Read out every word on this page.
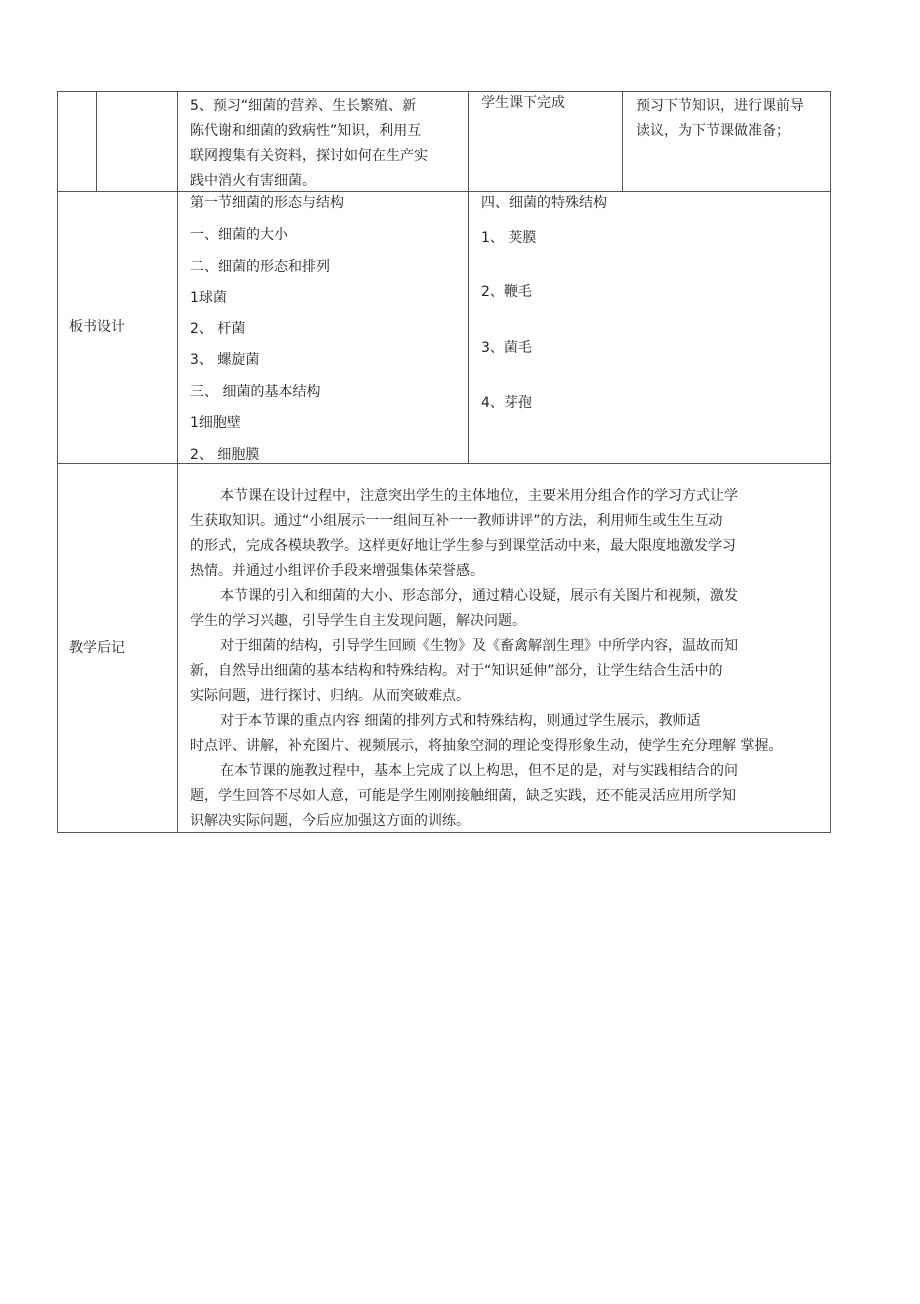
5、预习“细菌的营养、生长繁殖、新
陈代谢和细菌的致病性”知识，利用互
联网搜集有关资料，探讨如何在生产实
践中消火有害细菌。
学生课下完成	预习下节知识，进行课前导
读议，为下节课做准备；
板书设计
第一节细菌的形态与结构
一、细菌的大小
二、细菌的形态和排列
1球菌
2、 杆菌
3、 螺旋菌
三、 细菌的基本结构
1细胞壁
2、 细胞膜
四、细菌的特殊结构
1、 荚膜
2、鞭毛
3、菌毛
4、芽孢
教学后记
本节课在设计过程中，注意突出学生的主体地位，主要米用分组合作的学习方式让学
生获取知识。通过“小组展示一一组间互补一一教师讲评”的方法，利用师生或生生互动
的形式，完成各模块教学。这样更好地让学生参与到课堂活动中来，最大限度地激发学习
热情。并通过小组评价手段来增强集体荣誉感。
本节课的引入和细菌的大小、形态部分，通过精心设疑，展示有关图片和视频，激发
学生的学习兴趣，引导学生自主发现问题，解决问题。
对于细菌的结构，引导学生回顾《生物》及《畜禽解剖生理》中所学内容，温故而知
新，自然导出细菌的基本结构和特殊结构。对于“知识延伸”部分，让学生结合生活中的
实际问题，进行探讨、归纳。从而突破难点。
对于本节课的重点内容 细菌的排列方式和特殊结构，则通过学生展示，教师适
时点评、讲解，补充图片、视频展示，将抽象空洞的理论变得形象生动，使学生充分理解 掌握。
在本节课的施教过程中，基本上完成了以上构思，但不足的是，对与实践相结合的问
题，学生回答不尽如人意，可能是学生刚刚接触细菌，缺乏实践，还不能灵活应用所学知
识解决实际问题，今后应加强这方面的训练。
